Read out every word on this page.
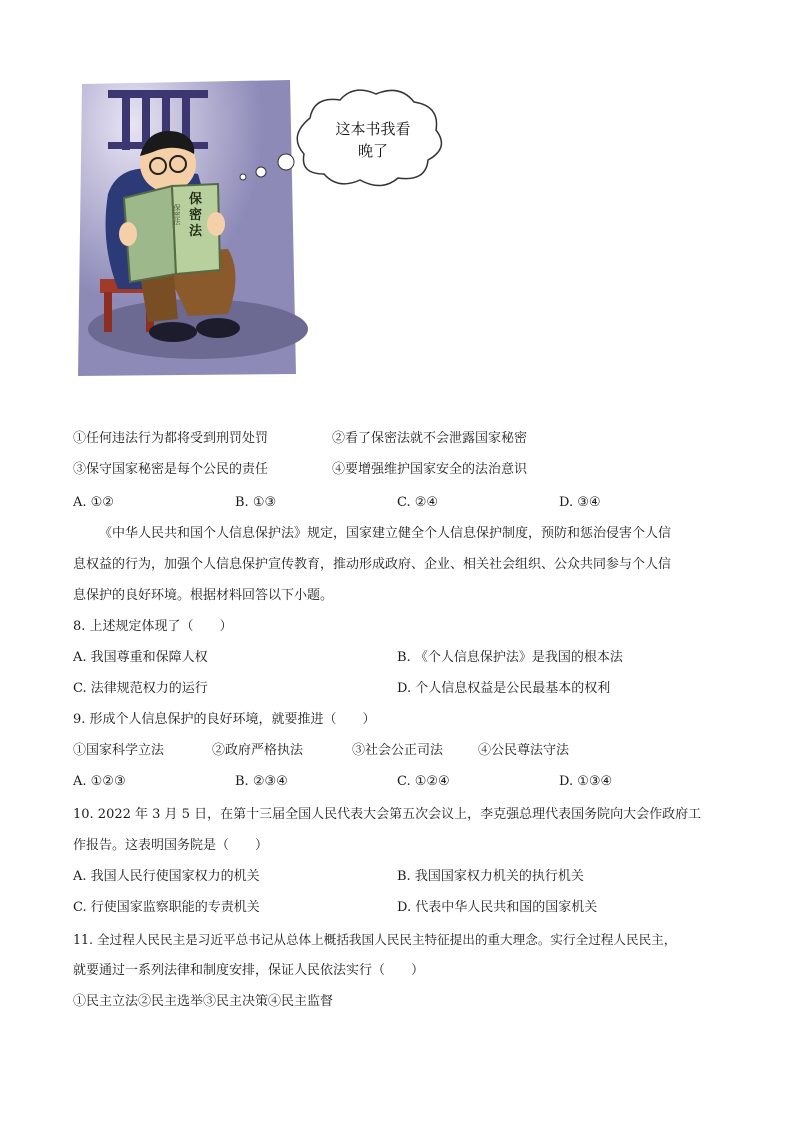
保
密
法
保密法
这本书我看
晚了
①任何违法行为都将受到刑罚处罚	②看了保密法就不会泄露国家秘密
③保守国家秘密是每个公民的责任	④要增强维护国家安全的法治意识
A. ①②	B. ①③	C. ②④	D. ③④
《中华人民共和国个人信息保护法》规定，国家建立健全个人信息保护制度，预防和惩治侵害个人信
息权益的行为，加强个人信息保护宣传教育，推动形成政府、企业、相关社会组织、公众共同参与个人信
息保护的良好环境。根据材料回答以下小题。
8. 上述规定体现了（　　）
A. 我国尊重和保障人权	B. 《个人信息保护法》是我国的根本法
C. 法律规范权力的运行	D. 个人信息权益是公民最基本的权利
9. 形成个人信息保护的良好环境，就要推进（　　）
①国家科学立法	②政府严格执法	③社会公正司法	④公民尊法守法
A. ①②③	B. ②③④	C. ①②④	D. ①③④
10. 2022 年 3 月 5 日，在第十三届全国人民代表大会第五次会议上，李克强总理代表国务院向大会作政府工
作报告。这表明国务院是（　　）
A. 我国人民行使国家权力的机关	B. 我国国家权力机关的执行机关
C. 行使国家监察职能的专责机关	D. 代表中华人民共和国的国家机关
11. 全过程人民民主是习近平总书记从总体上概括我国人民民主特征提出的重大理念。实行全过程人民民主，
就要通过一系列法律和制度安排，保证人民依法实行（　　）
①民主立法②民主选举③民主决策④民主监督
